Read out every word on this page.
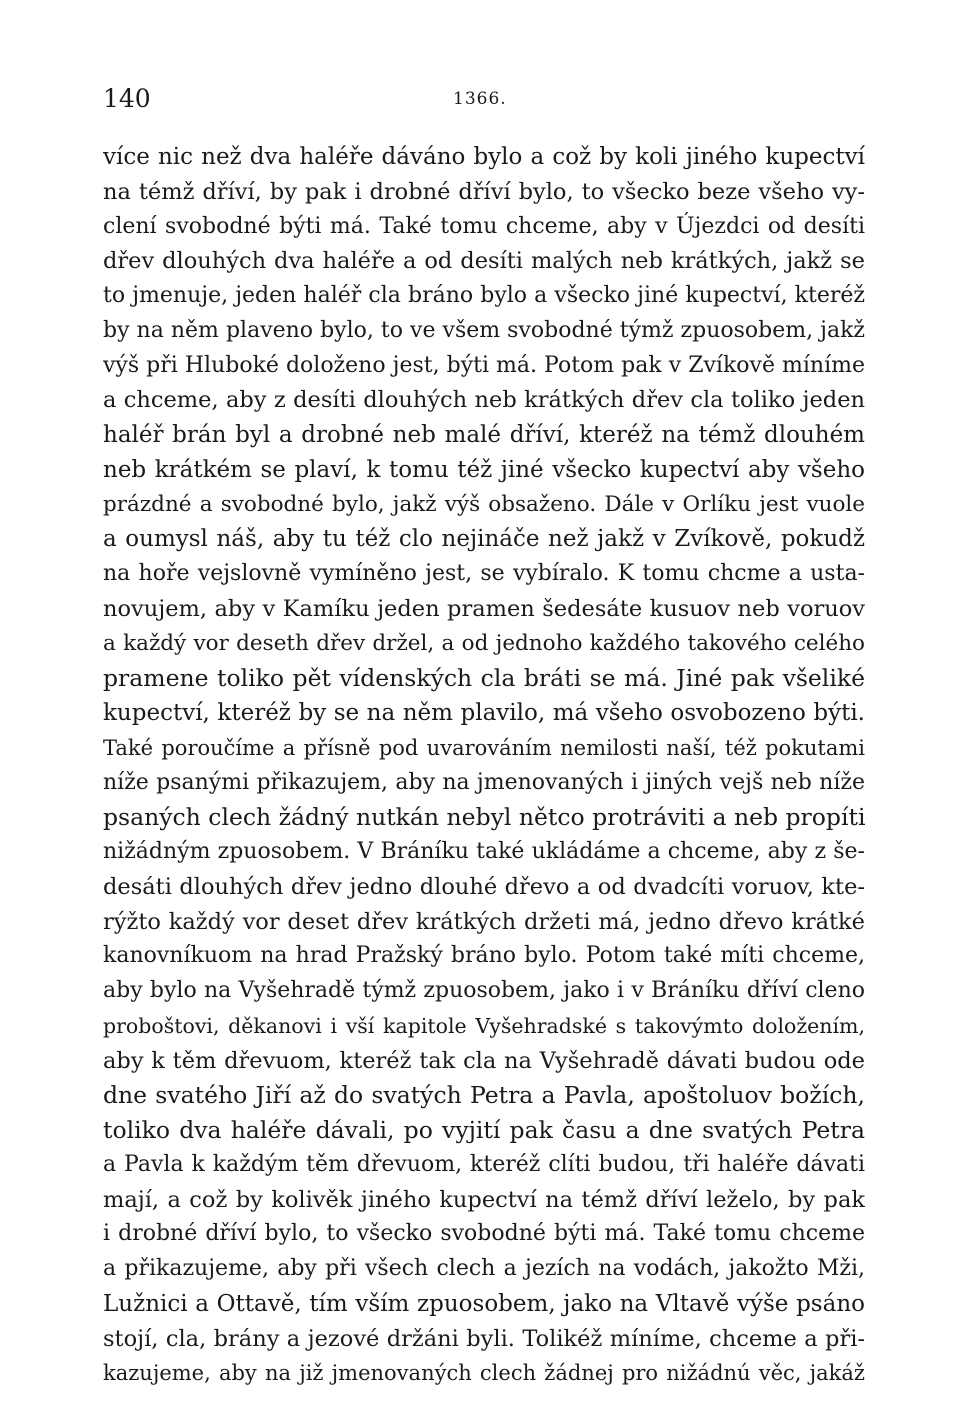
140	1366.
více nic než dva haléře dáváno bylo a což by koli jiného kupectví
na témž dříví, by pak i drobné dříví bylo, to všecko beze všeho vy-
clení svobodné býti má. Také tomu chceme, aby v Újezdci od desíti
dřev dlouhých dva haléře a od desíti malých neb krátkých, jakž se
to jmenuje, jeden haléř cla bráno bylo a všecko jiné kupectví, kteréž
by na něm plaveno bylo, to ve všem svobodné týmž zpuosobem, jakž
výš při Hluboké doloženo jest, býti má. Potom pak v Zvíkově míníme
a chceme, aby z desíti dlouhých neb krátkých dřev cla toliko jeden
haléř brán byl a drobné neb malé dříví, kteréž na témž dlouhém
neb krátkém se plaví, k tomu též jiné všecko kupectví aby všeho
prázdné a svobodné bylo, jakž výš obsaženo. Dále v Orlíku jest vuole
a oumysl náš, aby tu též clo nejináče než jakž v Zvíkově, pokudž
na hoře vejslovně vymíněno jest, se vybíralo. K tomu chcme a usta-
novujem, aby v Kamíku jeden pramen šedesáte kusuov neb voruov
a každý vor deseth dřev držel, a od jednoho každého takového celého
pramene toliko pět vídenských cla bráti se má. Jiné pak všeliké
kupectví, kteréž by se na něm plavilo, má všeho osvobozeno býti.
Také poroučíme a přísně pod uvarováním nemilosti naší, též pokutami
níže psanými přikazujem, aby na jmenovaných i jiných vejš neb níže
psaných clech žádný nutkán nebyl nětco protráviti a neb propíti
nižádným zpuosobem. V Bráníku také ukládáme a chceme, aby z še-
desáti dlouhých dřev jedno dlouhé dřevo a od dvadcíti voruov, kte-
rýžto každý vor deset dřev krátkých držeti má, jedno dřevo krátké
kanovníkuom na hrad Pražský bráno bylo. Potom také míti chceme,
aby bylo na Vyšehradě týmž zpuosobem, jako i v Bráníku dříví cleno
proboštovi, děkanovi i vší kapitole Vyšehradské s takovýmto doložením,
aby k těm dřevuom, kteréž tak cla na Vyšehradě dávati budou ode
dne svatého Jiří až do svatých Petra a Pavla, apoštoluov božích,
toliko dva haléře dávali, po vyjití pak času a dne svatých Petra
a Pavla k každým těm dřevuom, kteréž clíti budou, tři haléře dávati
mají, a což by kolivěk jiného kupectví na témž dříví leželo, by pak
i drobné dříví bylo, to všecko svobodné býti má. Také tomu chceme
a přikazujeme, aby při všech clech a jezích na vodách, jakožto Mži,
Lužnici a Ottavě, tím vším zpuosobem, jako na Vltavě výše psáno
stojí, cla, brány a jezové držáni byli. Tolikéž míníme, chceme a při-
kazujeme, aby na již jmenovaných clech žádnej pro nižádnú věc, jakáž
